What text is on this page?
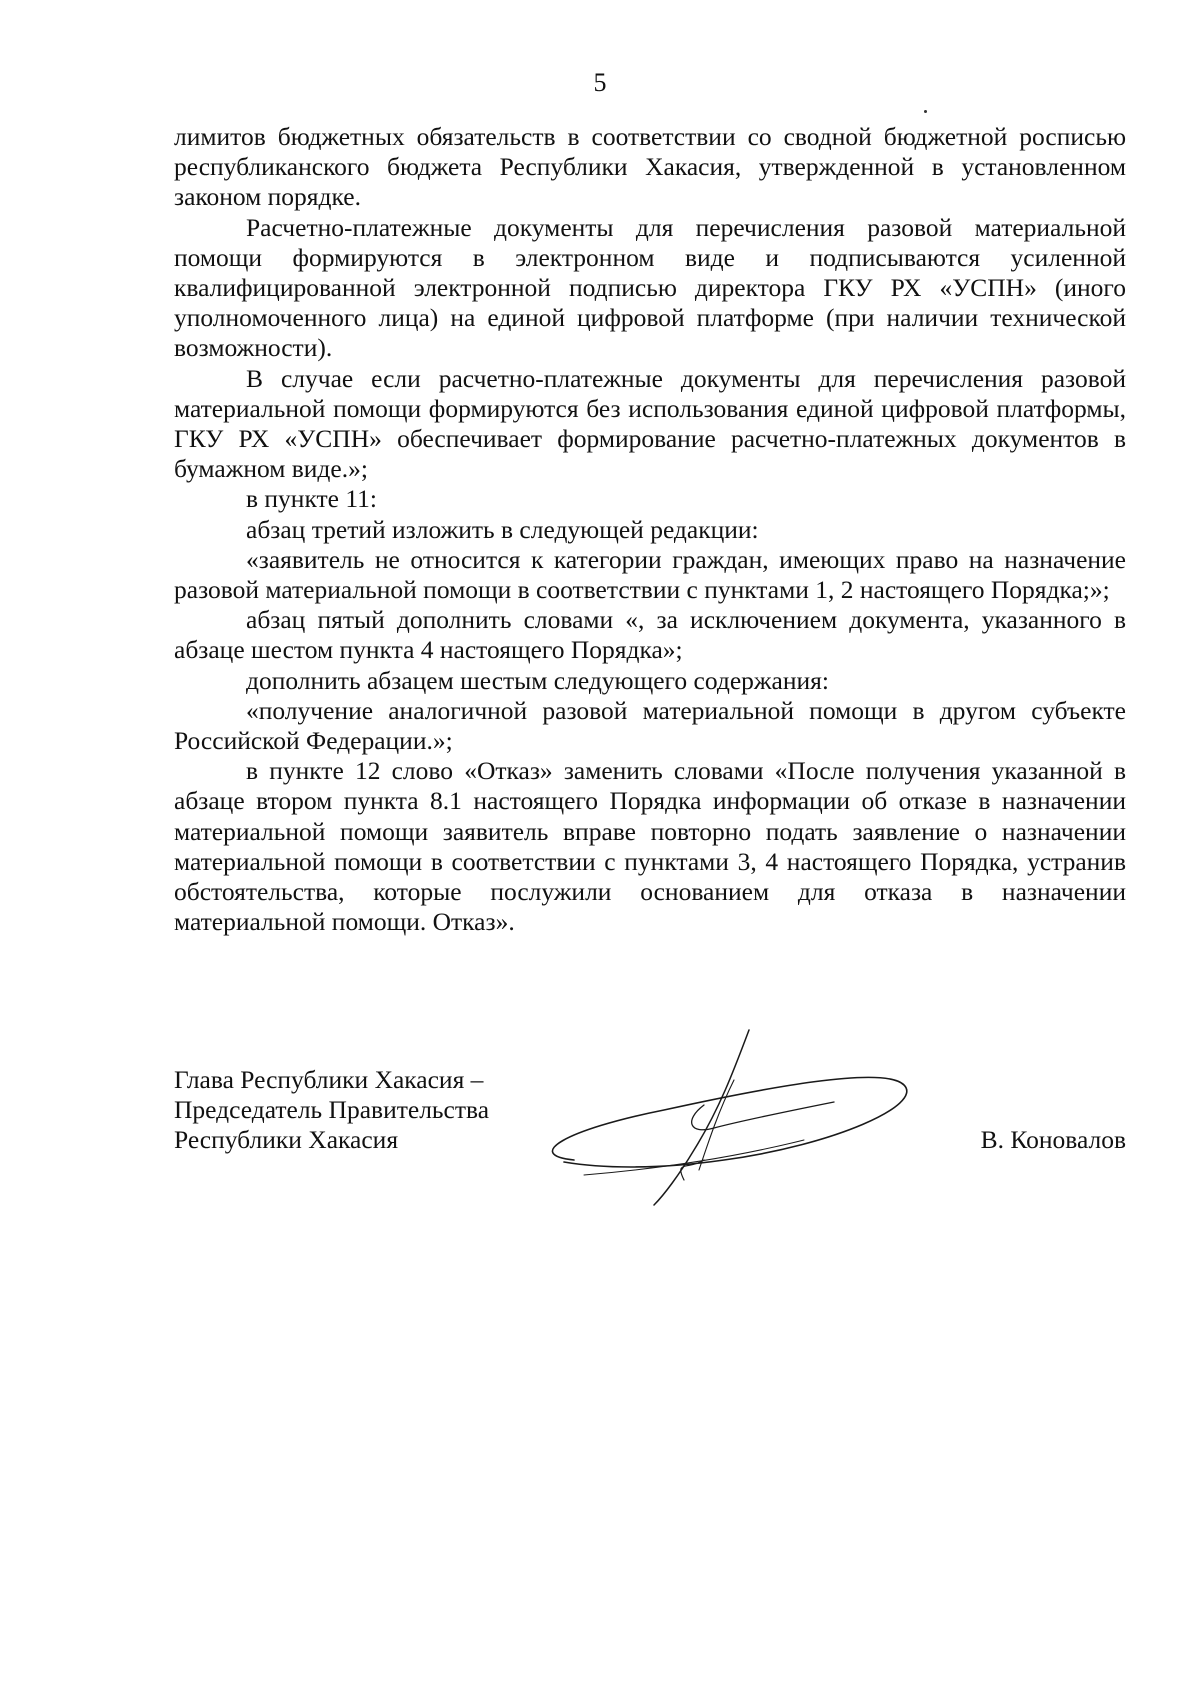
5

лимитов бюджетных обязательств в соответствии со сводной бюджетной росписью республиканского бюджета Республики Хакасия, утвержденной в установленном законом порядке.

Расчетно-платежные документы для перечисления разовой материальной помощи формируются в электронном виде и подписываются усиленной квалифицированной электронной подписью директора ГКУ РХ «УСПН» (иного уполномоченного лица) на единой цифровой платформе (при наличии технической возможности).

В случае если расчетно-платежные документы для перечисления разовой материальной помощи формируются без использования единой цифровой платформы, ГКУ РХ «УСПН» обеспечивает формирование расчетно-платежных документов в бумажном виде.»;

в пункте 11:

абзац третий изложить в следующей редакции:

«заявитель не относится к категории граждан, имеющих право на назначение разовой материальной помощи в соответствии с пунктами 1, 2 настоящего Порядка;»;

абзац пятый дополнить словами «, за исключением документа, указанного в абзаце шестом пункта 4 настоящего Порядка»;

дополнить абзацем шестым следующего содержания:

«получение аналогичной разовой материальной помощи в другом субъекте Российской Федерации.»;

в пункте 12 слово «Отказ» заменить словами «После получения указанной в абзаце втором пункта 8.1 настоящего Порядка информации об отказе в назначении материальной помощи заявитель вправе повторно подать заявление о назначении материальной помощи в соответствии с пунктами 3, 4 настоящего Порядка, устранив обстоятельства, которые послужили основанием для отказа в назначении материальной помощи. Отказ».

Глава Республики Хакасия –
Председатель Правительства
Республики Хакасия	В. Коновалов
